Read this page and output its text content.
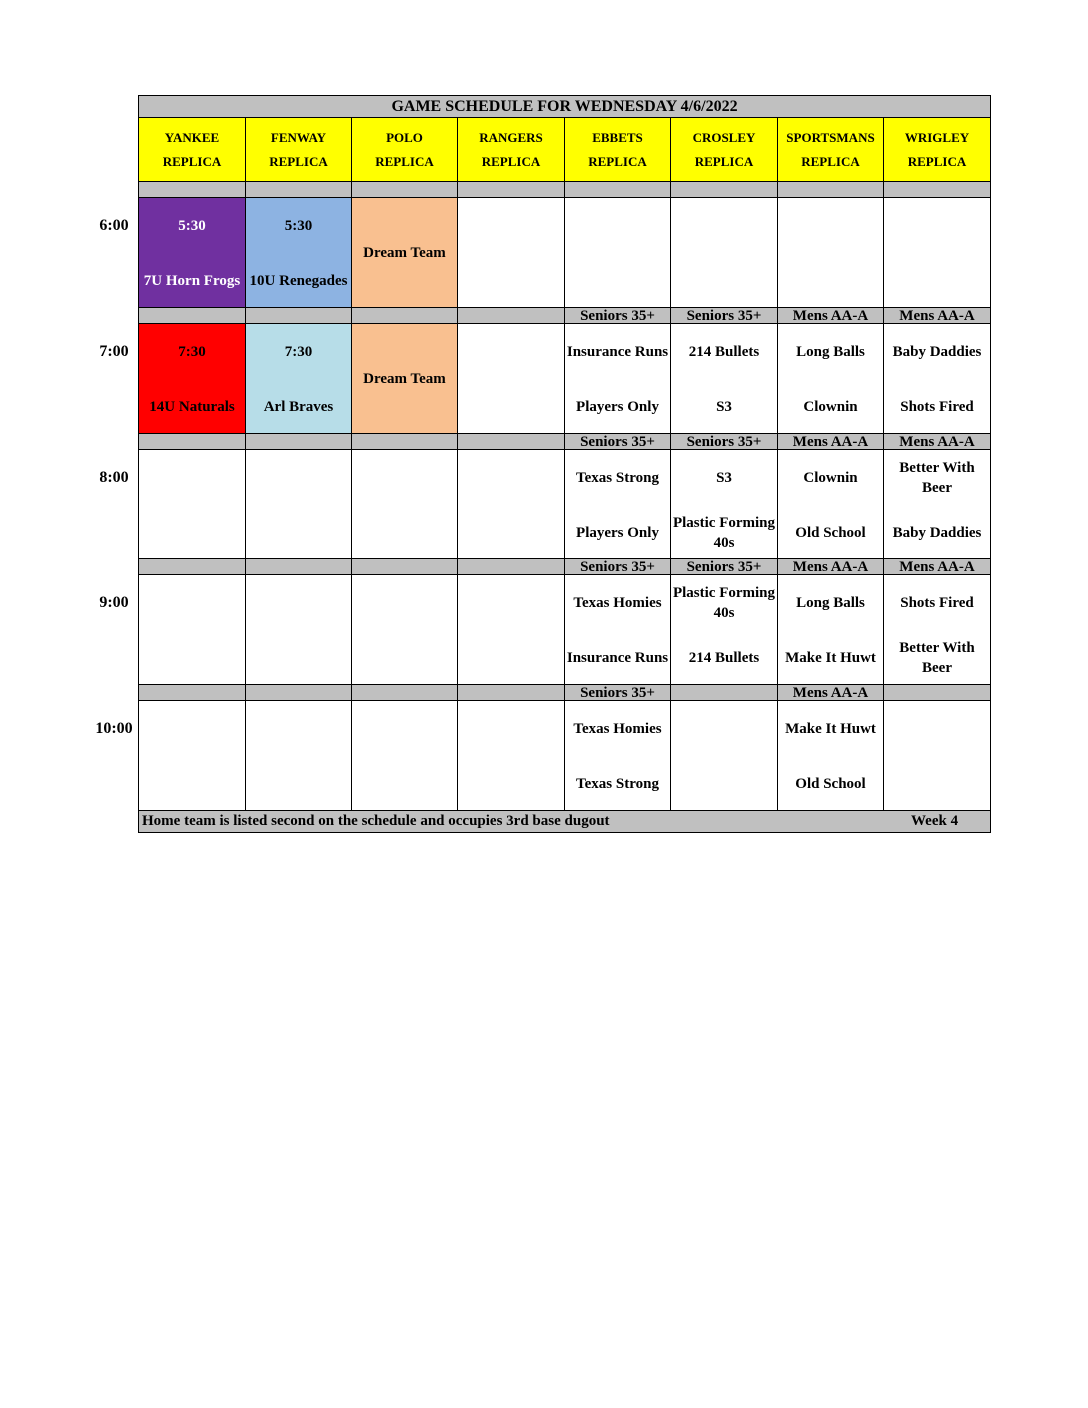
GAME SCHEDULE FOR WEDNESDAY 4/6/2022
Home team is listed second on the schedule and occupies 3rd base dugout	Week 4
YANKEE
REPLICA
FENWAY
REPLICA
POLO
REPLICA
RANGERS
REPLICA
EBBETS
REPLICA
CROSLEY
REPLICA
SPORTSMANS
REPLICA
WRIGLEY
REPLICA
5:30
7U Horn Frogs
5:30
10U Renegades
Dream Team
7:30
14U Naturals
7:30
Arl Braves
Dream Team
Seniors 35+
Insurance Runs
Players Only
Seniors 35+
214 Bullets
S3
Mens AA-A
Long Balls
Clownin
Mens AA-A
Baby Daddies
Shots Fired
Seniors 35+
Texas Strong
Players Only
Seniors 35+
S3
Plastic Forming 40s
Mens AA-A
Clownin
Old School
Mens AA-A
Better With Beer
Baby Daddies
Seniors 35+
Texas Homies
Insurance Runs
Seniors 35+
Plastic Forming 40s
214 Bullets
Mens AA-A
Long Balls
Make It Huwt
Mens AA-A
Shots Fired
Better With Beer
Seniors 35+
Texas Homies
Texas Strong
Mens AA-A
Make It Huwt
Old School
6:00
7:00
8:00
9:00
10:00
